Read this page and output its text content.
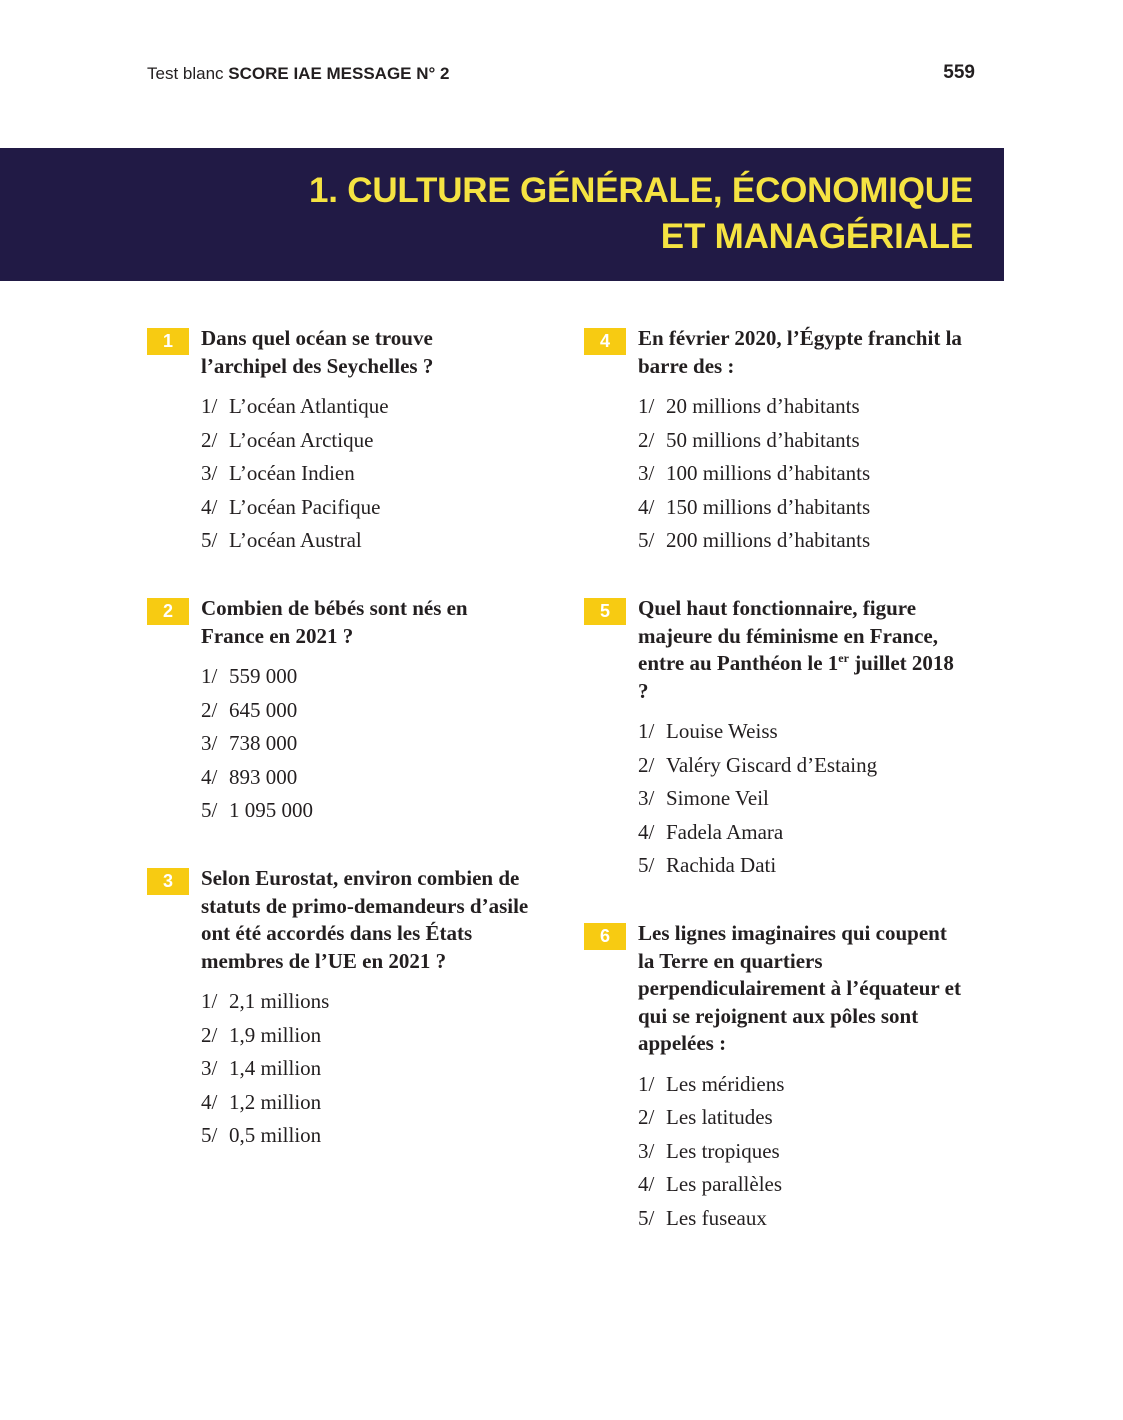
Test blanc SCORE IAE MESSAGE N° 2	559
1. CULTURE GÉNÉRALE, ÉCONOMIQUE
ET MANAGÉRIALE
1	Dans quel océan se trouve l’archipel des Seychelles ?
1/ L’océan Atlantique
2/ L’océan Arctique
3/ L’océan Indien
4/ L’océan Pacifique
5/ L’océan Austral
2	Combien de bébés sont nés en France en 2021 ?
1/ 559 000
2/ 645 000
3/ 738 000
4/ 893 000
5/ 1 095 000
Selon Eurostat, environ combien de statuts de primo-demandeurs d’asile ont été accordés dans les États membres de l’UE en 2021 ?
3
1/ 2,1 millions
2/ 1,9 million
3/ 1,4 million
4/ 1,2 million
5/ 0,5 million
4	En février 2020, l’Égypte franchit la barre des :
1/ 20 millions d’habitants
2/ 50 millions d’habitants
3/ 100 millions d’habitants
4/ 150 millions d’habitants
5/ 200 millions d’habitants
5	Quel haut fonctionnaire, figure majeure du féminisme en France, entre au Panthéon le 1er juillet 2018 ?
1/ Louise Weiss
2/ Valéry Giscard d’Estaing
3/ Simone Veil
4/ Fadela Amara
5/ Rachida Dati
6	Les lignes imaginaires qui coupent la Terre en quartiers perpendiculairement à l’équateur et qui se rejoignent aux pôles sont appelées :
1/ Les méridiens
2/ Les latitudes
3/ Les tropiques
4/ Les parallèles
5/ Les fuseaux
